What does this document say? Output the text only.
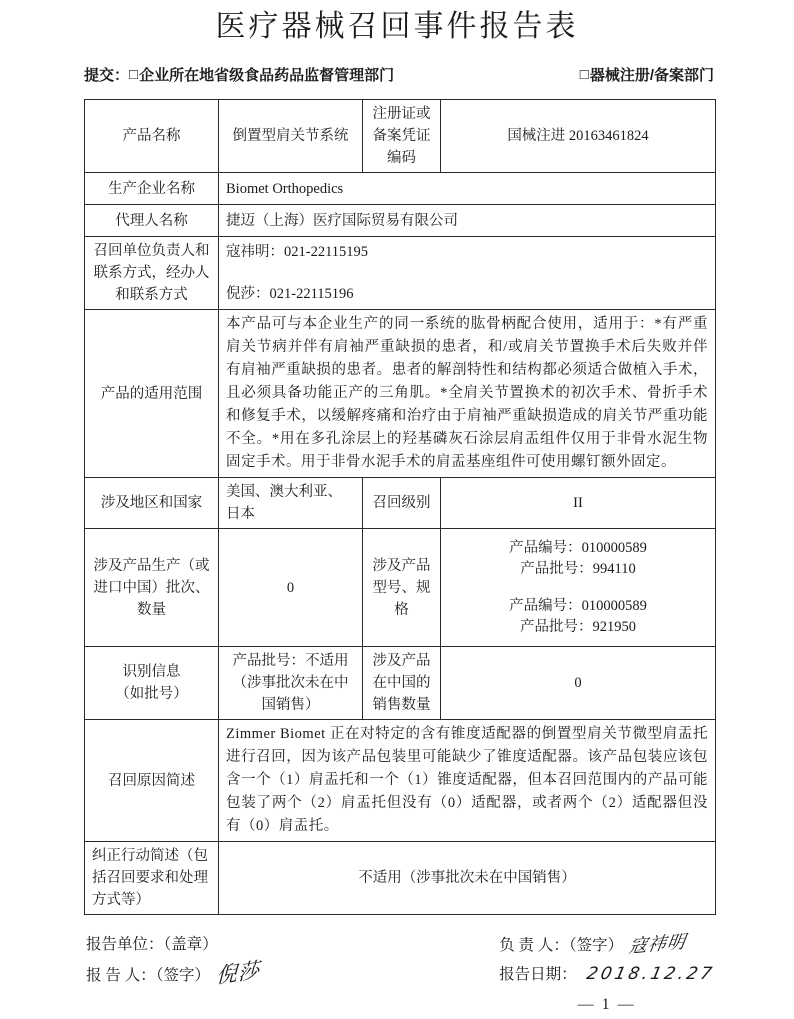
医疗器械召回事件报告表
提交：□企业所在地省级食品药品监督管理部门	□器械注册/备案部门
产品名称	倒置型肩关节系统	注册证或备案凭证编码	国械注进 20163461824
生产企业名称	Biomet Orthopedics		
代理人名称	捷迈（上海）医疗国际贸易有限公司		
召回单位负责人和联系方式，经办人和联系方式	寇祎明：021-22115195
倪莎：021-22115196		

产品的适用范围	本产品可与本企业生产的同一系统的肱骨柄配合使用，适用于：*有严重肩关节病并伴有肩袖严重缺损的患者，和/或肩关节置换手术后失败并伴有肩袖严重缺损的患者。患者的解剖特性和结构都必须适合做植入手术，且必须具备功能正产的三角肌。*全肩关节置换术的初次手术、骨折手术和修复手术，以缓解疼痛和治疗由于肩袖严重缺损造成的肩关节严重功能不全。*用在多孔涂层上的羟基磷灰石涂层肩盂组件仅用于非骨水泥生物固定手术。用于非骨水泥手术的肩盂基座组件可使用螺钉额外固定。		

涉及地区和国家	美国、澳大利亚、日本	召回级别	II
涉及产品生产（或进口中国）批次、数量	0	涉及产品型号、规格	产品编号：010000589
产品批号：994110
产品编号：010000589
产品批号：921950

识别信息
（如批号）	产品批号：不适用（涉事批次未在中国销售）	涉及产品在中国的销售数量	0
召回原因简述	Zimmer Biomet 正在对特定的含有锥度适配器的倒置型肩关节微型肩盂托进行召回，因为该产品包装里可能缺少了锥度适配器。该产品包装应该包含一个（1）肩盂托和一个（1）锥度适配器，但本召回范围内的产品可能包装了两个（2）肩盂托但没有（0）适配器，或者两个（2）适配器但没有（0）肩盂托。		

纠正行动简述（包括召回要求和处理方式等）	不适用（涉事批次未在中国销售）		
报告单位：（盖章）
报 告 人：（签字） 倪莎
负 责 人：（签字） 寇祎明
报告日期： 2018.12.27
— 1 —
